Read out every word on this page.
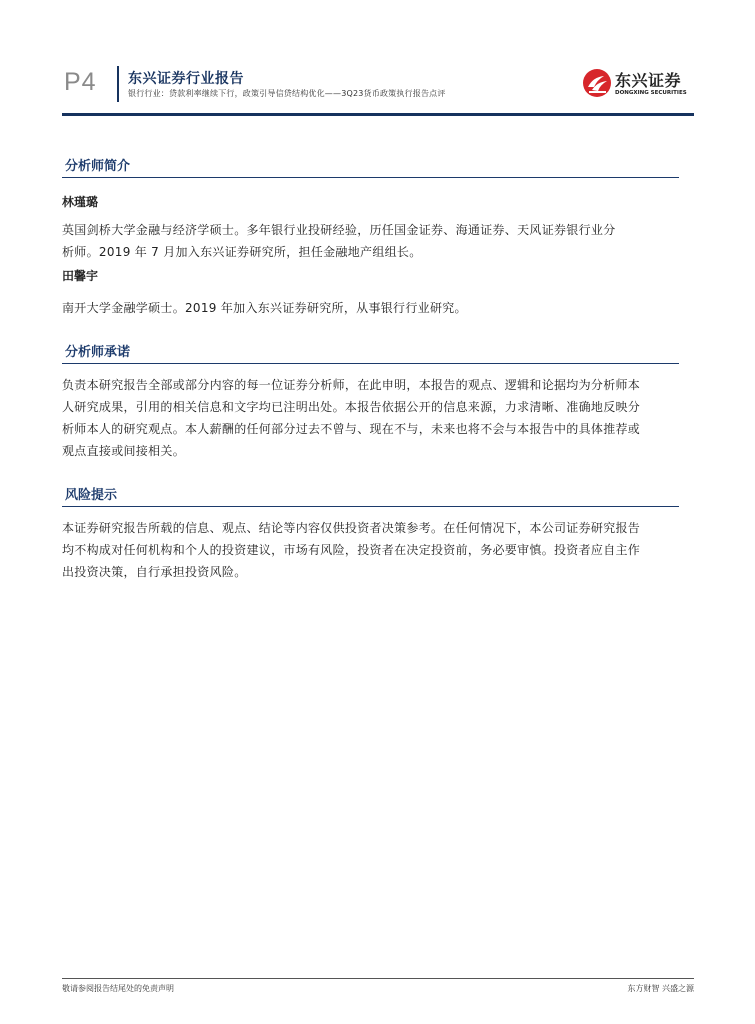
P4 东兴证券行业报告
银行行业：贷款利率继续下行，政策引导信贷结构优化——3Q23货币政策执行报告点评
东兴证券
DONGXING SECURITIES
分析师简介
林瑾璐
英国剑桥大学金融与经济学硕士。多年银行业投研经验，历任国金证券、海通证券、天风证券银行业分
析师。2019 年 7 月加入东兴证券研究所，担任金融地产组组长。
田馨宇
南开大学金融学硕士。2019 年加入东兴证券研究所，从事银行行业研究。
分析师承诺
负责本研究报告全部或部分内容的每一位证券分析师，在此申明，本报告的观点、逻辑和论据均为分析师本
人研究成果，引用的相关信息和文字均已注明出处。本报告依据公开的信息来源，力求清晰、准确地反映分
析师本人的研究观点。本人薪酬的任何部分过去不曾与、现在不与，未来也将不会与本报告中的具体推荐或
观点直接或间接相关。
风险提示
本证券研究报告所载的信息、观点、结论等内容仅供投资者决策参考。在任何情况下，本公司证券研究报告
均不构成对任何机构和个人的投资建议，市场有风险，投资者在决定投资前，务必要审慎。投资者应自主作
出投资决策，自行承担投资风险。
敬请参阅报告结尾处的免责声明	东方财智 兴盛之源
